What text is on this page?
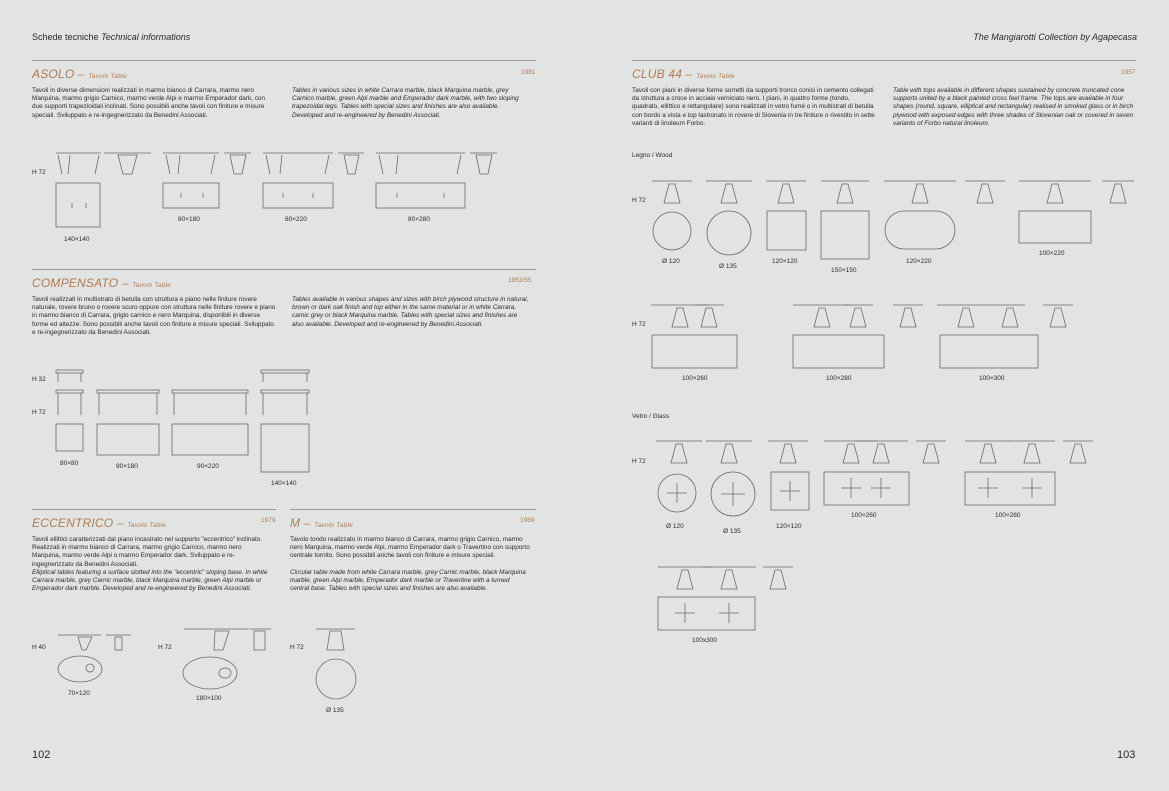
Schede tecniche Technical informations	The Mangiarotti Collection by Agapecasa
ASOLO – Tavolo Table
1981
Tavoli in diverse dimensioni realizzati in marmo bianco di Carrara, marmo nero Marquina, marmo grigio Carnico, marmo verde Alpi e marmo Emperador dark, con due supporti trapezioidali inclinati. Sono possibili anche tavoli con finiture e misure speciali. Sviluppato e re-ingegnerizzato da Benedini Associati.
Tables in various sizes in white Carrara marble, black Marquina marble, grey Carnico marble, green Alpi marble and Emperador dark marble, with two sloping trapezoidal legs. Tables with special sizes and finishes are also available. Developed and re-engineered by Benedini Associati.
H 72
140×140
80×180	80×220	80×280
COMPENSATO – Tavolo Table
1953/55
Tavoli realizzati in multistrato di betulla con struttura e piano nelle finiture rovere naturale, rovere bruno o rovere scuro oppure con struttura nelle finiture rovere e piano in marmo bianco di Carrara, grigio carnico e nero Marquina, disponibili in diverse forme ed altezze. Sono possibili anche tavoli con finiture e misure speciali. Sviluppato e re-ingegnerizzato da Benedini Associati.
Tables available in various shapes and sizes with birch plywood structure in natural, brown or dark oak finish and top either in the same material or in white Carrara, carnic grey or black Marquina marble. Tables with special sizes and finishes are also available. Developed and re-engineered by Benedini Associati.
H 32
H 72
80×80	90×180	90×220
140×140
ECCENTRICO – Tavolo Table
1979
Tavoli ellittici caratterizzati dal piano incastrato nel supporto "eccentrico" inclinato. Realizzati in marmo bianco di Carrara, marmo grigio Carnico, marmo nero Marquina, marmo verde Alpi o marmo Emperador dark. Sviluppato e re-ingegnerizzato da Benedini Associati.
Elliptical tables featuring a surface slotted into the "eccentric" sloping base. In white Carrara marble, grey Carnic marble, black Marquina marble, green Alpi marble or Emperador dark marble. Developed and re-engineered by Benedini Associati.
H 40	H 72
70×120
180×100
M – Tavolo Table
1969
Tavolo tondo realizzato in marmo bianco di Carrara, marmo grigio Carnico, marmo nero Marquina, marmo verde Alpi, marmo Emperador dark o Travertino con supporto centrale tornito. Sono possibili anche tavoli con finiture e misure speciali.
Circular table made from white Carrara marble, grey Carnic marble, black Marquina marble, green Alpi marble, Emperador dark marble or Travertine with a turned central base. Tables with special sizes and finishes are also available.
H 72
Ø 135
CLUB 44 – Tavolo Table
1957
Tavoli con piani in diverse forme sorretti da supporti tronco conici in cemento collegati da struttura a croce in acciaio verniciato nero. I piani, in quattro forme (tondo, quadrato, ellittico e rettangolare) sono realizzati in vetro fumé o in multistrati di betulla con bordo a vista e top lastronato in rovere di Slovenia in tre finiture o rivestito in sette varianti di linoleum Forbo.
Table with tops available in different shapes sustained by concrete truncated cone supports united by a black painted cross feel frame. The tops are available in four shapes (round, square, elliptical and rectangular) realised in smoked glass or in birch plywood with exposed edges with three shades of Slovenian oak or covered in seven variants of Forbo natural linoleum.
Legno / Wood
H 72
H 72
Vetro / Glass
H 72
Ø 120
Ø 135
120×120
150×150
120×220
100×220
100×260	100×280	100×300
Ø 120
Ø 135
120×120
100×260	100×280
100x300
102	103
